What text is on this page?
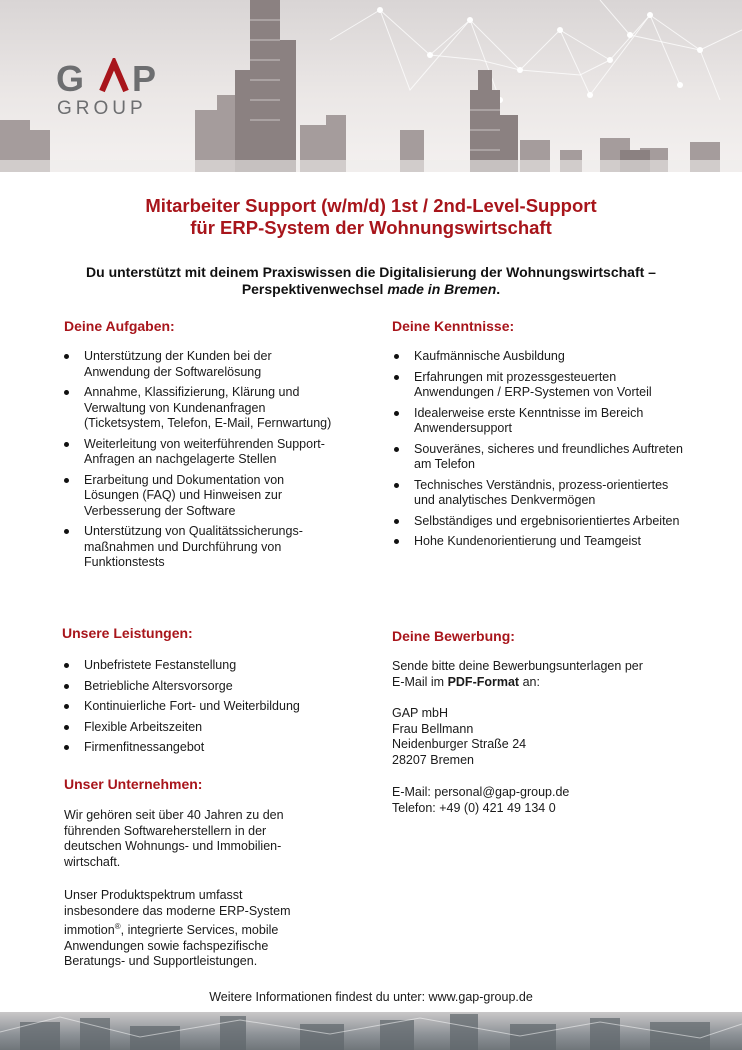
G P
GROUP
Mitarbeiter Support (w/m/d) 1st / 2nd-Level-Support
für ERP-System der Wohnungswirtschaft
Du unterstützt mit deinem Praxiswissen die Digitalisierung der Wohnungswirtschaft –
Perspektivenwechsel made in Bremen.
Deine Aufgaben:
Unterstützung der Kunden bei der Anwendung der Softwarelösung
Annahme, Klassifizierung, Klärung und Verwaltung von Kundenanfragen (Ticketsystem, Telefon, E-Mail, Fernwartung)
Weiterleitung von weiterführenden Support-Anfragen an nachgelagerte Stellen
Erarbeitung und Dokumentation von Lösungen (FAQ) und Hinweisen zur Verbesserung der Software
Unterstützung von Qualitätssicherungs-maßnahmen und Durchführung von Funktionstests
Deine Kenntnisse:
Kaufmännische Ausbildung
Erfahrungen mit prozessgesteuerten Anwendungen / ERP-Systemen von Vorteil
Idealerweise erste Kenntnisse im Bereich Anwendersupport
Souveränes, sicheres und freundliches Auftreten am Telefon
Technisches Verständnis, prozess-orientiertes und analytisches Denkvermögen
Selbständiges und ergebnisorientiertes Arbeiten
Hohe Kundenorientierung und Teamgeist
Unsere Leistungen:
Unbefristete Festanstellung
Betriebliche Altersvorsorge
Kontinuierliche Fort- und Weiterbildung
Flexible Arbeitszeiten
Firmenfitnessangebot
Unser Unternehmen:
Wir gehören seit über 40 Jahren zu den führenden Softwareherstellern in der deutschen Wohnungs- und Immobilien-wirtschaft.
Unser Produktspektrum umfasst insbesondere das moderne ERP-System immotion®, integrierte Services, mobile Anwendungen sowie fachspezifische Beratungs- und Supportleistungen.
Deine Bewerbung:
Sende bitte deine Bewerbungsunterlagen per
E-Mail im PDF-Format an:
GAP mbH
Frau Bellmann
Neidenburger Straße 24
28207 Bremen
E-Mail: personal@gap-group.de
Telefon: +49 (0) 421 49 134 0
Weitere Informationen findest du unter: www.gap-group.de
